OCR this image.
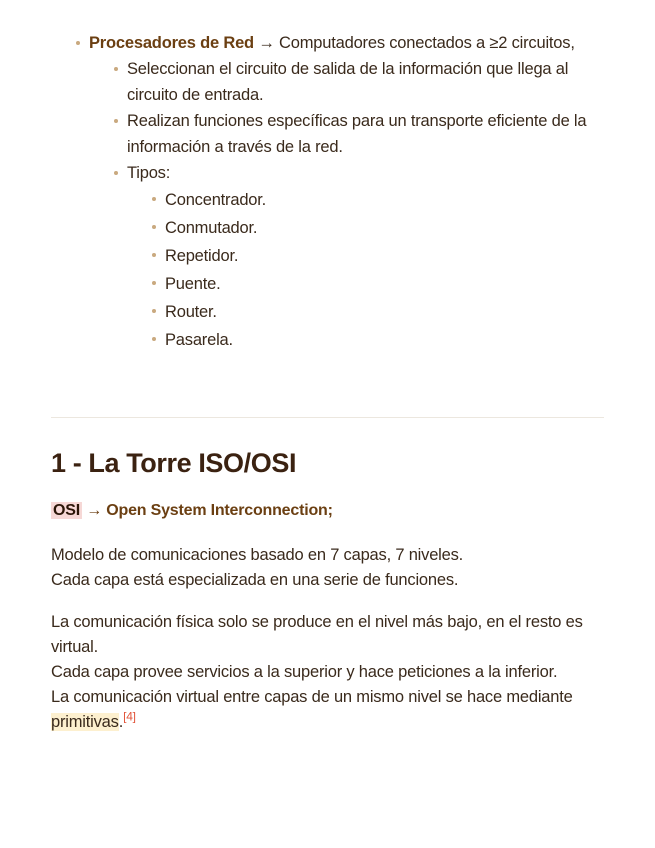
Procesadores de Red → Computadores conectados a ≥2 circuitos,
Seleccionan el circuito de salida de la información que llega al circuito de entrada.
Realizan funciones específicas para un transporte eficiente de la información a través de la red.
Tipos:
Concentrador.
Conmutador.
Repetidor.
Puente.
Router.
Pasarela.
1 - La Torre ISO/OSI
OSI → Open System Interconnection;

Modelo de comunicaciones basado en 7 capas, 7 niveles.
Cada capa está especializada en una serie de funciones.

La comunicación física solo se produce en el nivel más bajo, en el resto es virtual.
Cada capa provee servicios a la superior y hace peticiones a la inferior.
La comunicación virtual entre capas de un mismo nivel se hace mediante primitivas.[4]
